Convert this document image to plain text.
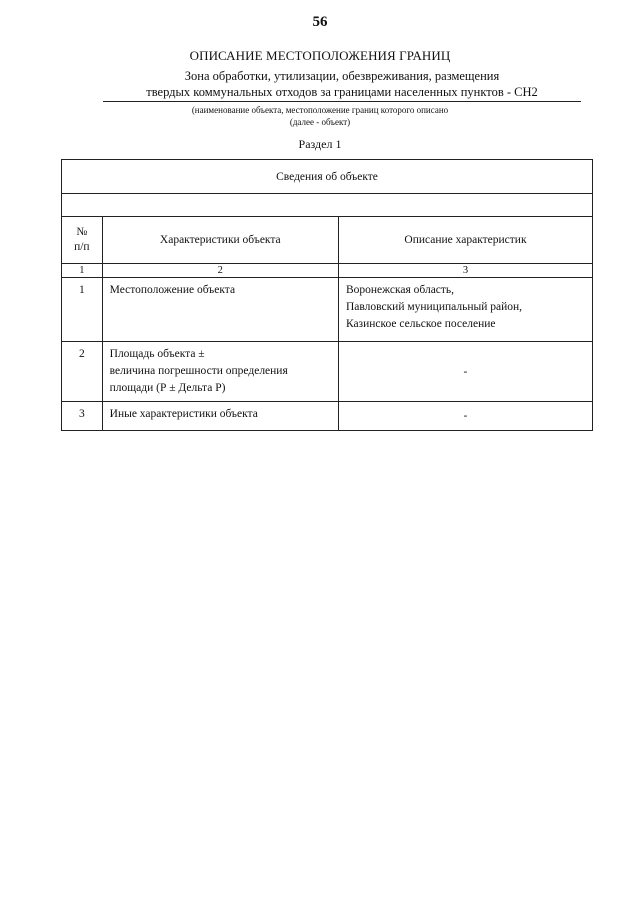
56
ОПИСАНИЕ МЕСТОПОЛОЖЕНИЯ ГРАНИЦ
Зона обработки, утилизации, обезвреживания, размещения
твердых коммунальных отходов за границами населенных пунктов - СН2
(наименование объекта, местоположение границ которого описано
(далее - объект)
Раздел 1
Сведения об объекте		

№
п/п	Характеристики объекта	Описание характеристик
1	2	3
1	Местоположение объекта	Воронежская область,
Павловский муниципальный район,
Казинское сельское поселение

2	Площадь объекта ±
величина погрешности определения
площади (Р ± Дельта Р)	-
3	Иные характеристики объекта	-
